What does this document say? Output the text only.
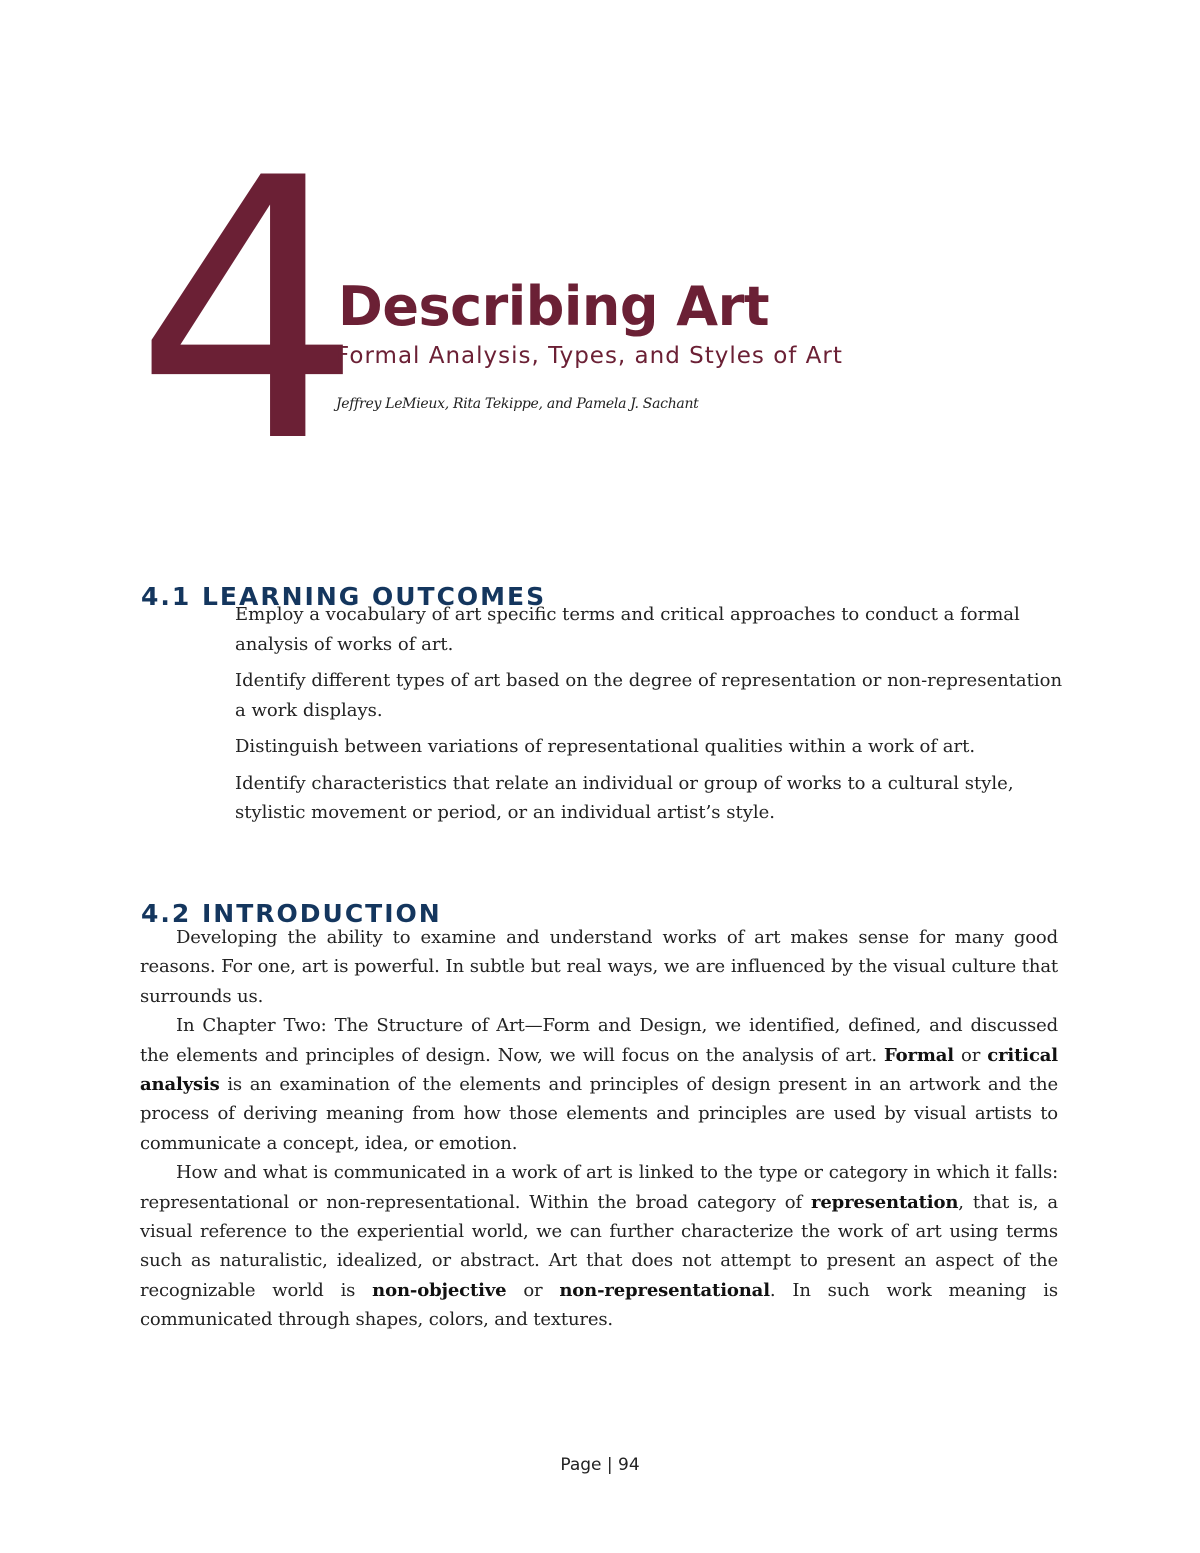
4
Describing Art
Formal Analysis, Types, and Styles of Art
Jeffrey LeMieux, Rita Tekippe, and Pamela J. Sachant
4.1 LEARNING OUTCOMES
Employ a vocabulary of art specific terms and critical approaches to conduct a formal analysis of works of art.
Identify different types of art based on the degree of representation or non-representation a work displays.
Distinguish between variations of representational qualities within a work of art.
Identify characteristics that relate an individual or group of works to a cultural style, stylistic movement or period, or an individual artist’s style.
4.2 INTRODUCTION

Developing the ability to examine and understand works of art makes sense for many good reasons. For one, art is powerful. In subtle but real ways, we are influenced by the visual culture that surrounds us.

In Chapter Two: The Structure of Art—Form and Design, we identified, defined, and discussed the elements and principles of design. Now, we will focus on the analysis of art. Formal or critical analysis is an examination of the elements and principles of design present in an artwork and the process of deriving meaning from how those elements and principles are used by visual artists to communicate a concept, idea, or emotion.

How and what is communicated in a work of art is linked to the type or category in which it falls: representational or non-representational. Within the broad category of representation, that is, a visual reference to the experiential world, we can further characterize the work of art using terms such as naturalistic, idealized, or abstract. Art that does not attempt to present an aspect of the recognizable world is non-objective or non-representational. In such work meaning is communicated through shapes, colors, and textures.

Page | 94
